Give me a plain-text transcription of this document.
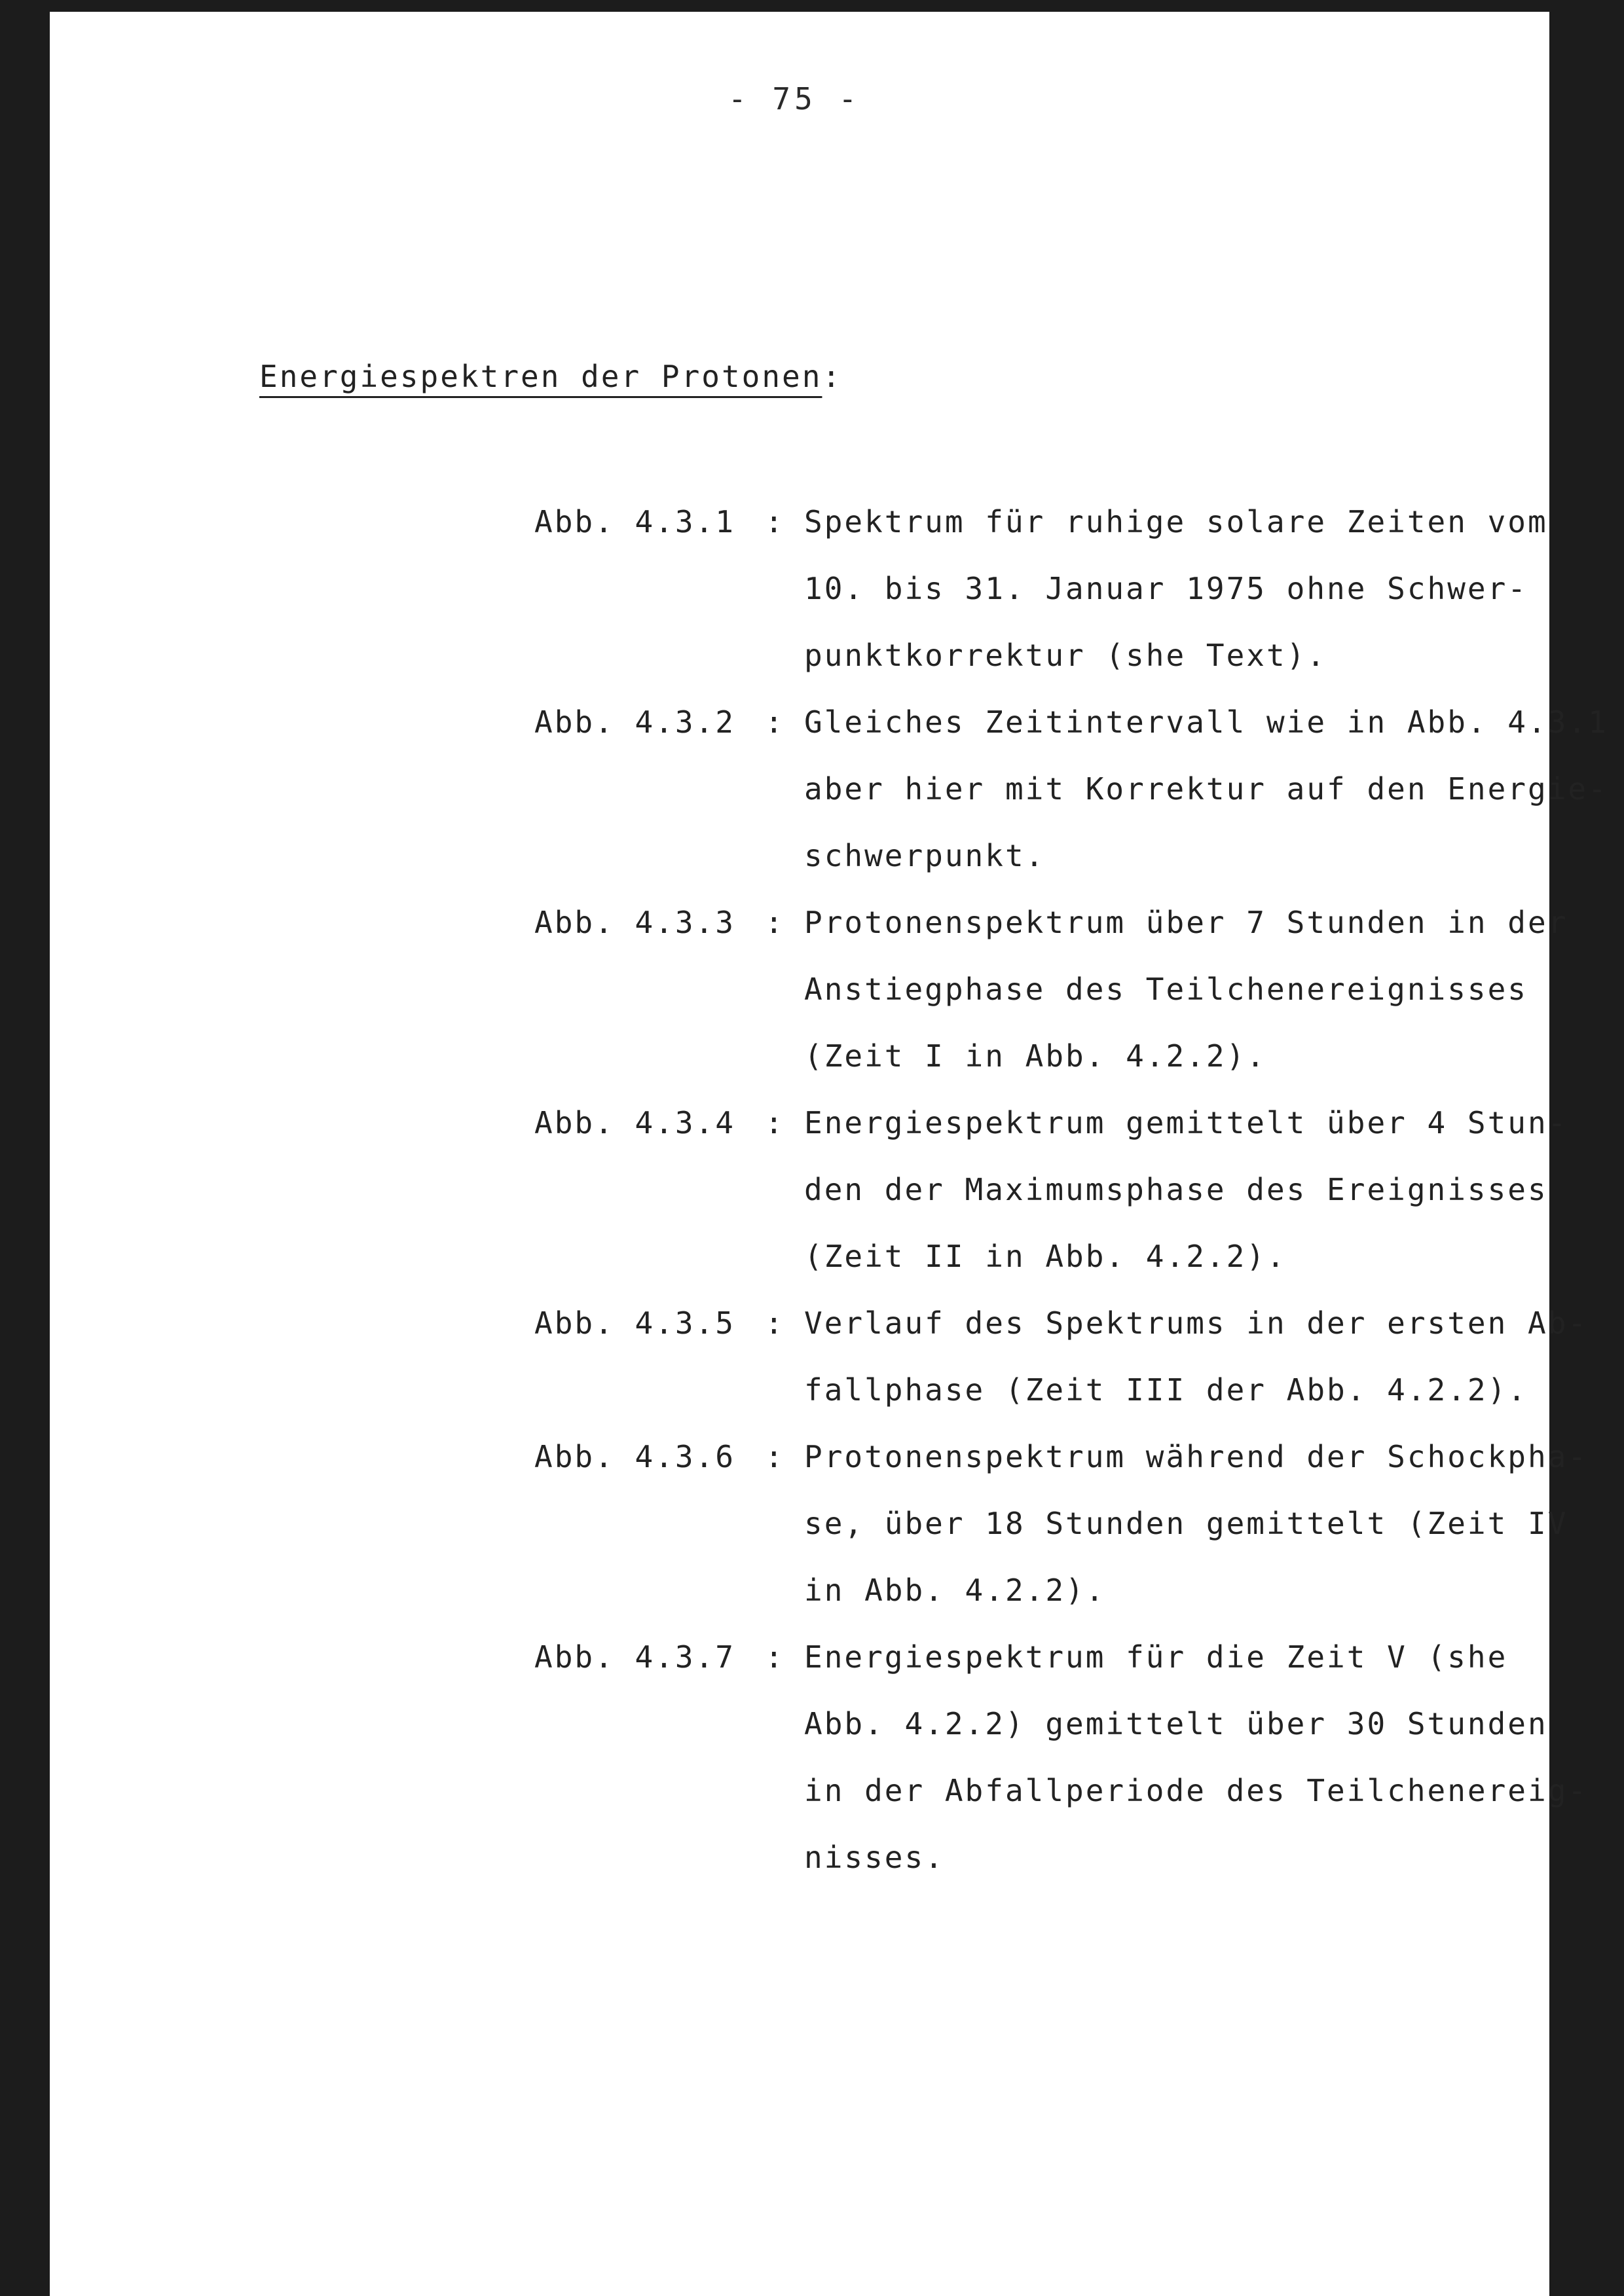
- 75 -
Energiespektren der Protonen:
Abb. 4.3.1 : Spektrum für ruhige solare Zeiten vom
10. bis 31. Januar 1975 ohne Schwer-
punktkorrektur (she Text).
Abb. 4.3.2 : Gleiches Zeitintervall wie in Abb. 4.3.1
aber hier mit Korrektur auf den Energie-
schwerpunkt.
Abb. 4.3.3 : Protonenspektrum über 7 Stunden in der
Anstiegphase des Teilchenereignisses
(Zeit I in Abb. 4.2.2).
Abb. 4.3.4 : Energiespektrum gemittelt über 4 Stun-
den der Maximumsphase des Ereignisses
(Zeit II in Abb. 4.2.2).
Abb. 4.3.5 : Verlauf des Spektrums in der ersten Ab-
fallphase (Zeit III der Abb. 4.2.2).
Abb. 4.3.6 : Protonenspektrum während der Schockpha-
se, über 18 Stunden gemittelt (Zeit IV
in Abb. 4.2.2).
Abb. 4.3.7 : Energiespektrum für die Zeit V (she
Abb. 4.2.2) gemittelt über 30 Stunden
in der Abfallperiode des Teilchenereig-
nisses.
